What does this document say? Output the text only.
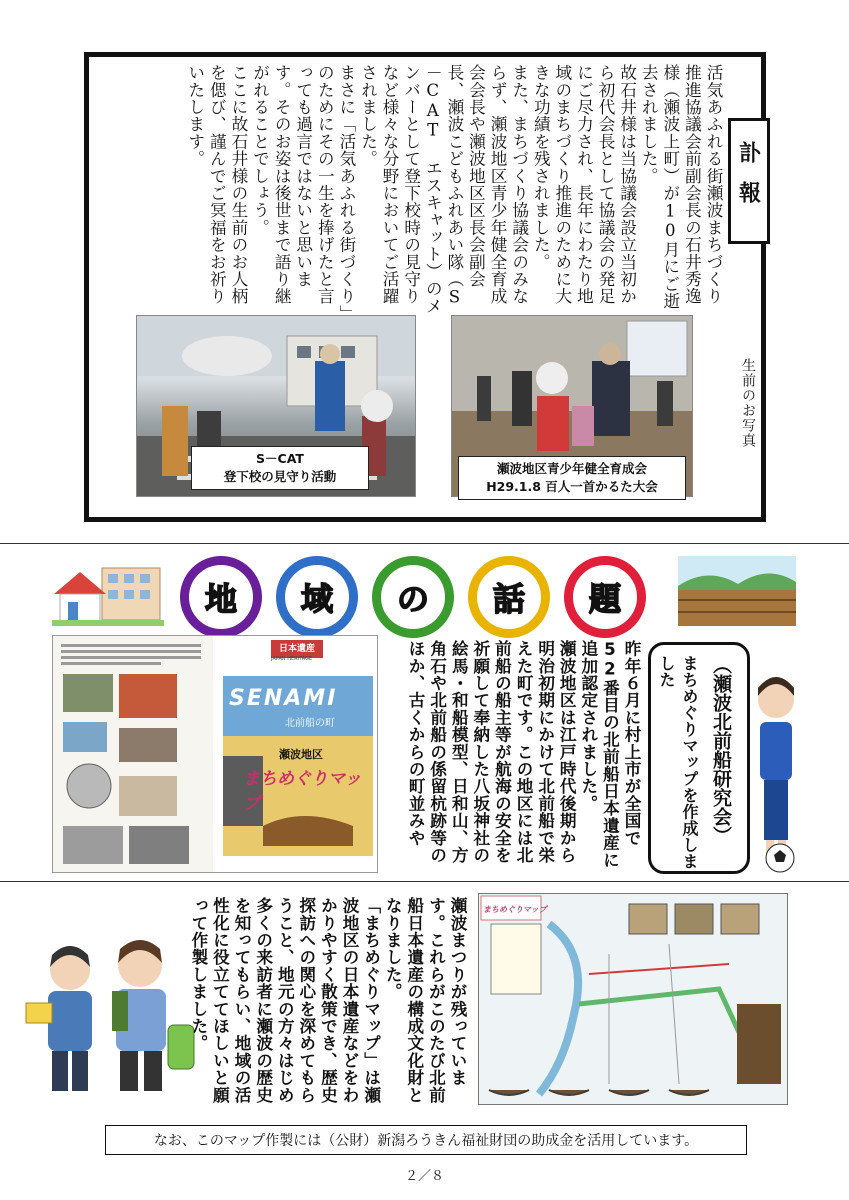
活気あふれる街瀬波まちづくり推進協議会前副会長の石井秀逸様（瀬波上町）が10月にご逝去されました。
故石井様は当協議会設立当初から初代会長として協議会の発足にご尽力され、長年にわたり地域のまちづくり推進のために大きな功績を残されました。
また、まちづくり協議会のみならず、瀬波地区青少年健全育成会会長や瀬波地区区長会副会長、瀬波こどもふれあい隊（S－CAT エスキャット）のメンバーとして登下校時の見守りなど様々な分野においてご活躍されました。
まさに「活気あふれる街づくり」のためにその一生を捧げたと言っても過言ではないと思います。そのお姿は後世まで語り継がれることでしょう。
ここに故石井様の生前のお人柄を偲び、謹んでご冥福をお祈りいたします。
訃報
生前のお写真
S－CAT
登下校の見守り活動
瀬波地区青少年健全育成会
H29.1.8 百人一首かるた大会
地	域	の	話	題
日本遺産
JAPAN HERITAGE
SENAMI
北前船の町
瀬波地区
まちめぐりマップ	昨年６月に村上市が全国で52番目の北前船日本遺産に追加認定されました。
瀬波地区は江戸時代後期から明治初期にかけて北前船で栄えた町です。この地区には北前船の船主等が航海の安全を祈願して奉納した八坂神社の絵馬・和船模型、日和山、方角石や北前船の係留杭跡等のほか、古くからの町並みや	まちめぐりマップを作成しました	（瀬波北前船研究会）
瀬波まつりが残っています。これらがこのたび北前船日本遺産の構成文化財となりました。
「まちめぐりマップ」は瀬波地区の日本遺産などをわかりやすく散策でき、歴史探訪への関心を深めてもらうこと、地元の方々はじめ多くの来訪者に瀬波の歴史を知ってもらい、地域の活性化に役立ててほしいと願って作製しました。	まちめぐりマップ
なお、このマップ作製には（公財）新潟ろうきん福祉財団の助成金を活用しています。
２／８
